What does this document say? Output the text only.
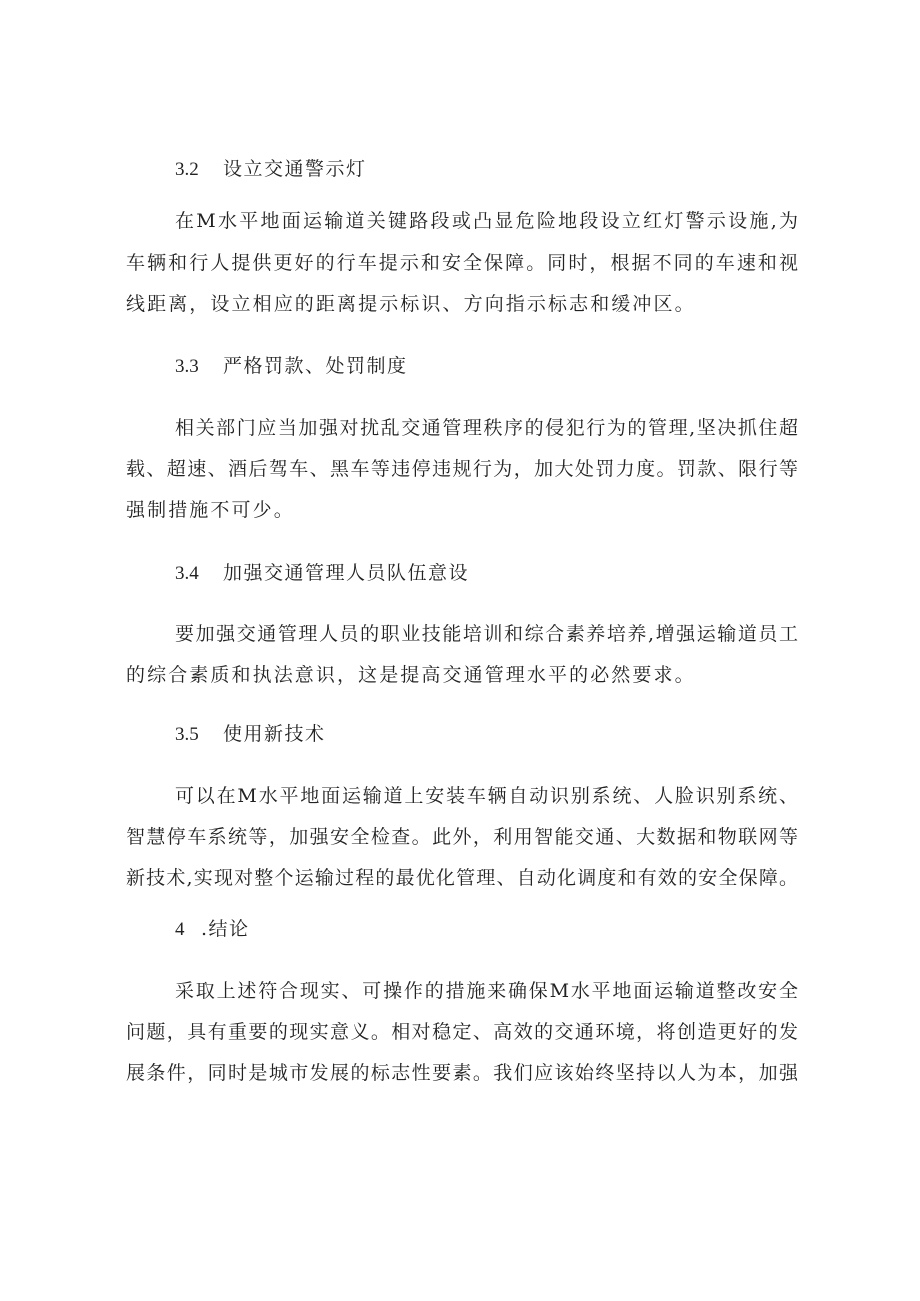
3.2 设立交通警示灯
在M水平地面运输道关键路段或凸显危险地段设立红灯警示设施,为
车辆和行人提供更好的行车提示和安全保障。同时，根据不同的车速和视
线距离，设立相应的距离提示标识、方向指示标志和缓冲区。
3.3 严格罚款、处罚制度
相关部门应当加强对扰乱交通管理秩序的侵犯行为的管理,坚决抓住超
载、超速、酒后驾车、黑车等违停违规行为，加大处罚力度。罚款、限行等
强制措施不可少。
3.4 加强交通管理人员队伍意设
要加强交通管理人员的职业技能培训和综合素养培养,增强运输道员工
的综合素质和执法意识，这是提高交通管理水平的必然要求。
3.5 使用新技术
可以在M水平地面运输道上安装车辆自动识别系统、人脸识别系统、
智慧停车系统等，加强安全检查。此外，利用智能交通、大数据和物联网等
新技术,实现对整个运输过程的最优化管理、自动化调度和有效的安全保障。
4 .结论
采取上述符合现实、可操作的措施来确保M水平地面运输道整改安全
问题，具有重要的现实意义。相对稳定、高效的交通环境，将创造更好的发
展条件，同时是城市发展的标志性要素。我们应该始终坚持以人为本，加强
